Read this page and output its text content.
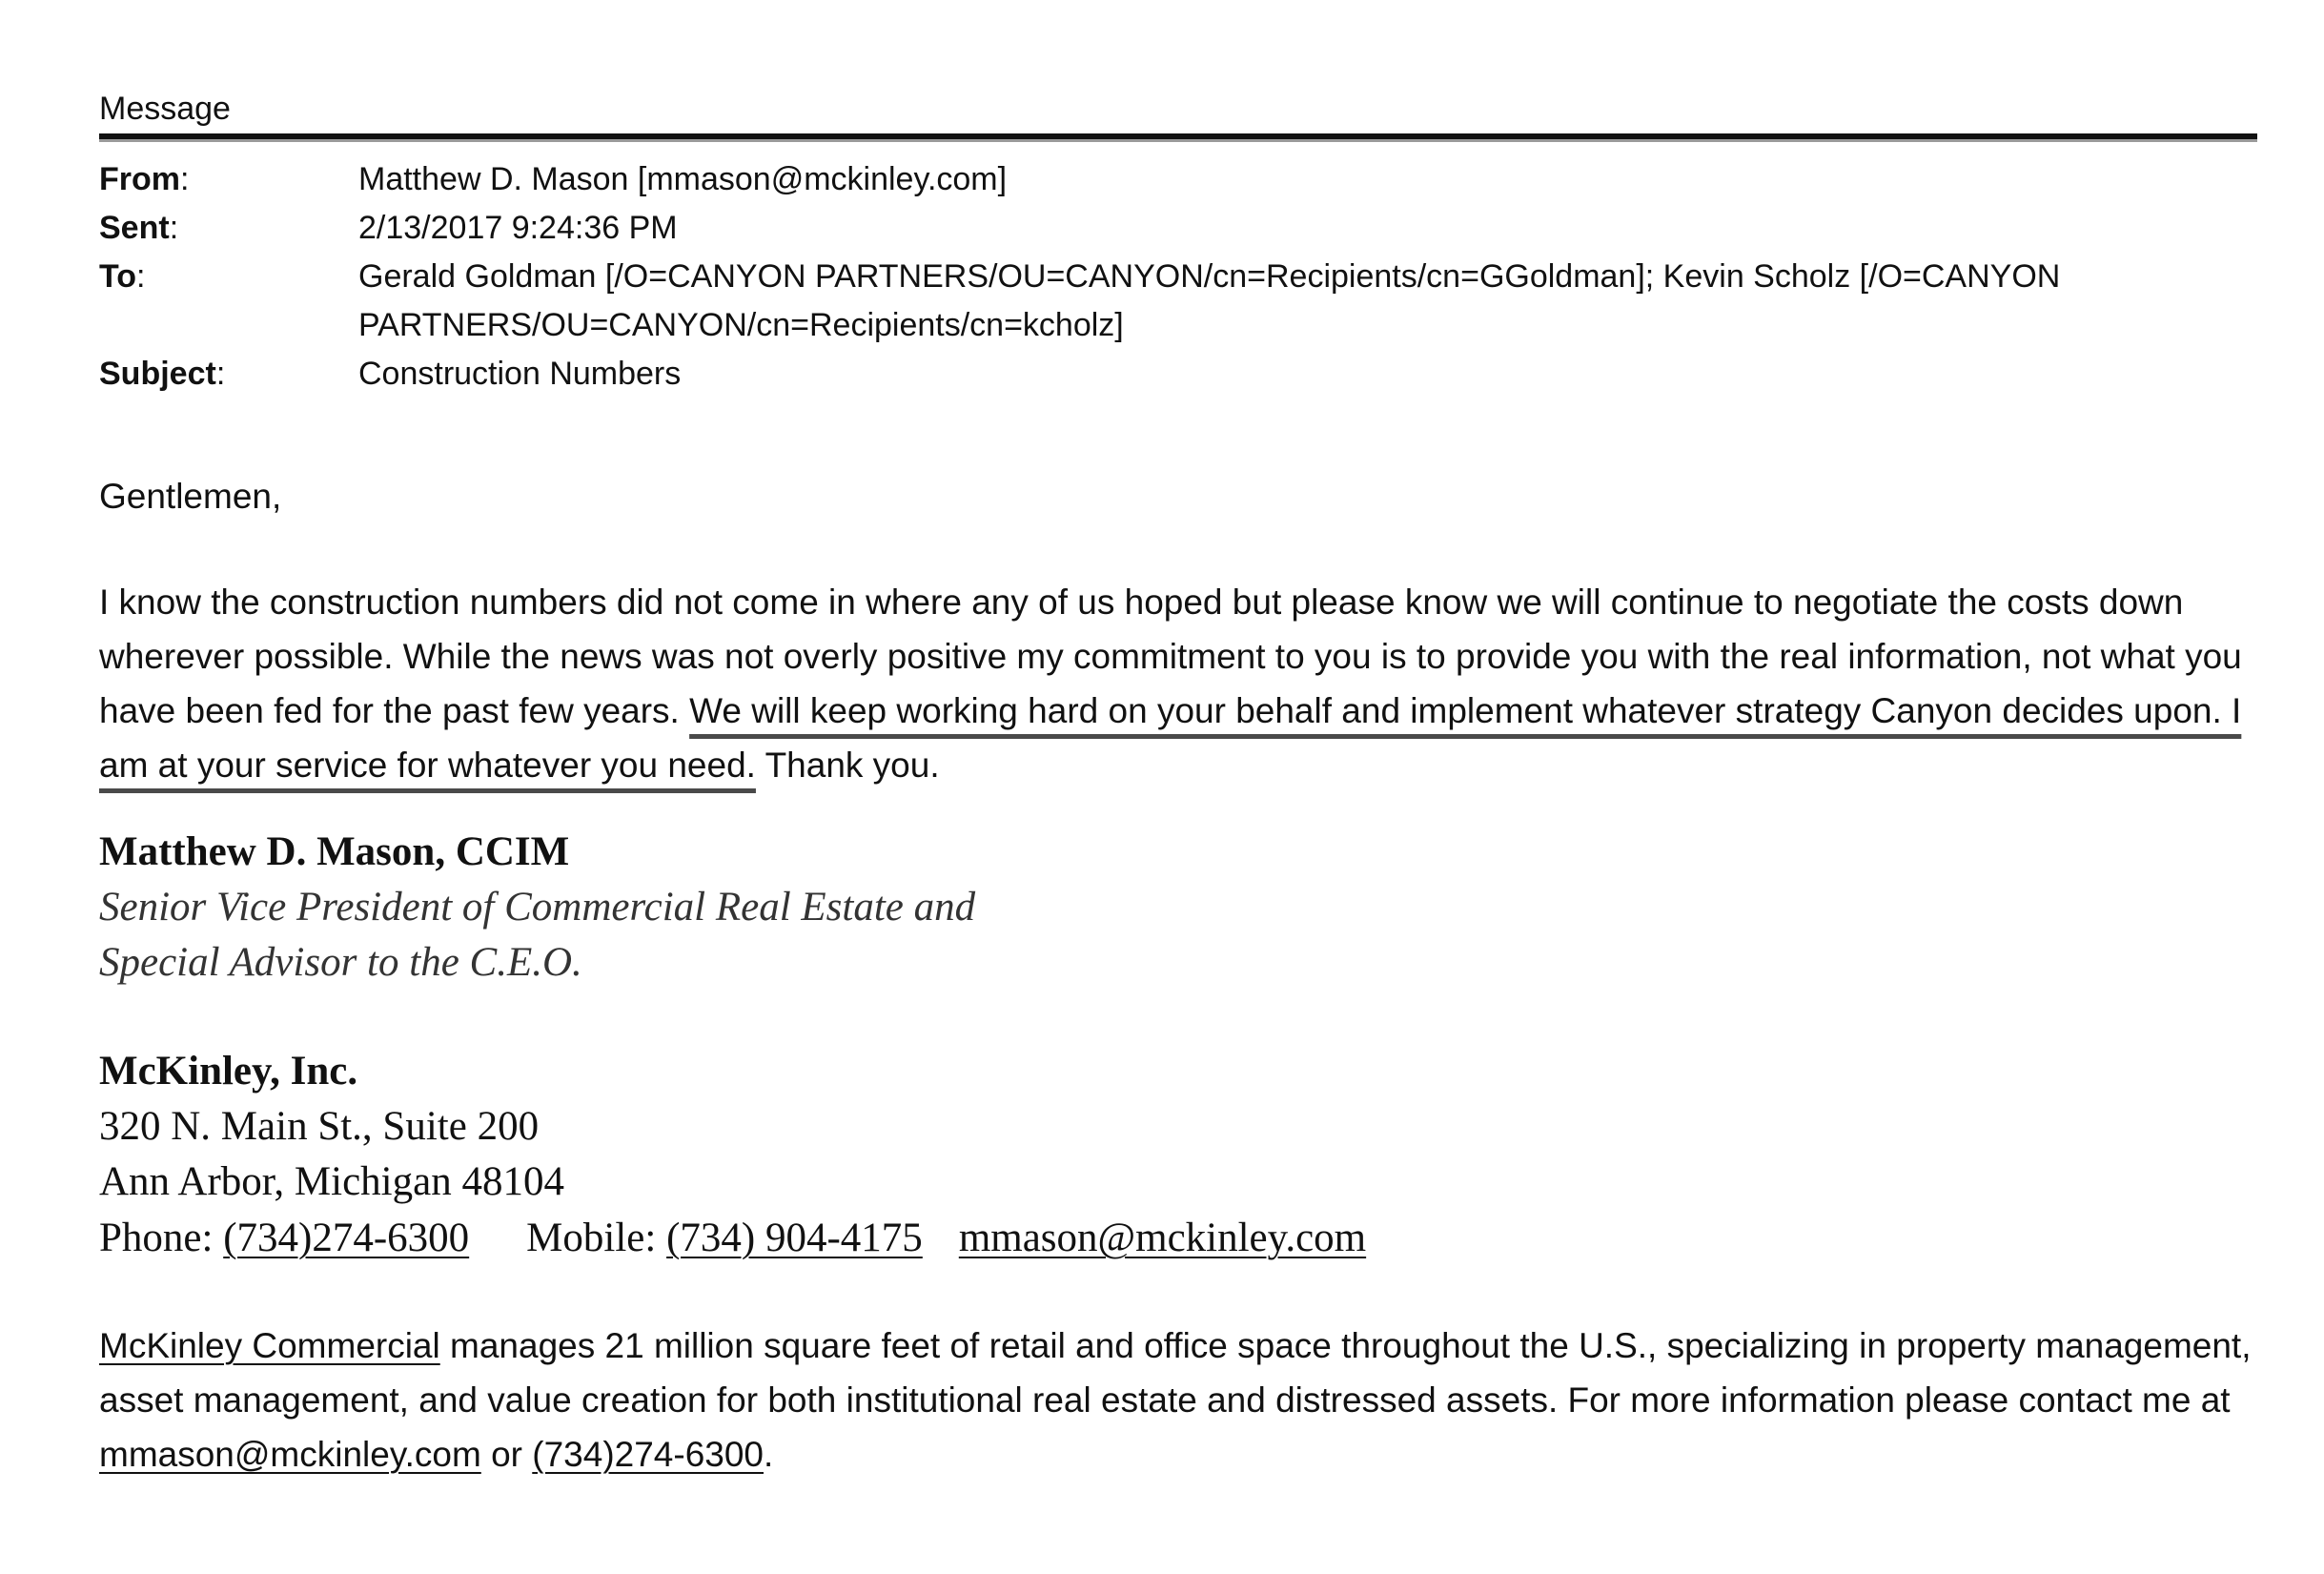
Message
From:	Matthew D. Mason [mmason@mckinley.com]
Sent:	2/13/2017 9:24:36 PM
To:	Gerald Goldman [/O=CANYON PARTNERS/OU=CANYON/cn=Recipients/cn=GGoldman]; Kevin Scholz [/O=CANYON PARTNERS/OU=CANYON/cn=Recipients/cn=kcholz]
Subject:	Construction Numbers
Gentlemen,
I know the construction numbers did not come in where any of us hoped but please know we will continue to negotiate the costs down wherever possible. While the news was not overly positive my commitment to you is to provide you with the real information, not what you have been fed for the past few years. We will keep working hard on your behalf and implement whatever strategy Canyon decides upon. I am at your service for whatever you need. Thank you.
Matthew D. Mason, CCIM
Senior Vice President of Commercial Real Estate and
Special Advisor to the C.E.O.
McKinley, Inc.
320 N. Main St., Suite 200
Ann Arbor, Michigan 48104
Phone: (734)274-6300 Mobile: (734) 904-4175 mmason@mckinley.com
McKinley Commercial manages 21 million square feet of retail and office space throughout the U.S., specializing in property management, asset management, and value creation for both institutional real estate and distressed assets. For more information please contact me at mmason@mckinley.com or (734)274-6300.
